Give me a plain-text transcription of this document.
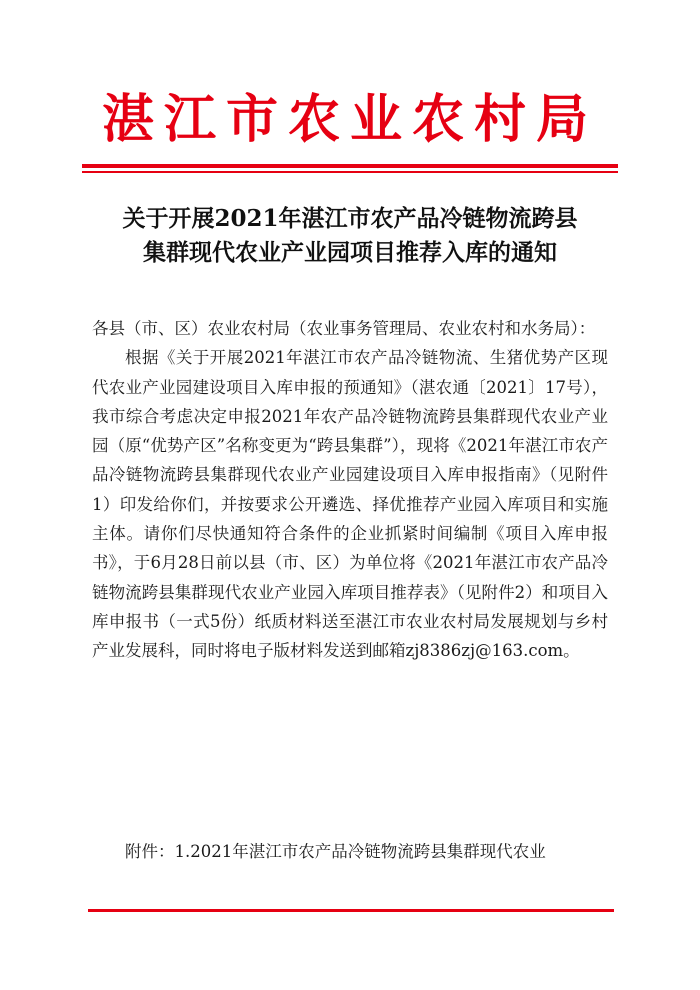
湛江市农业农村局
关于开展2021年湛江市农产品冷链物流跨县
集群现代农业产业园项目推荐入库的通知

各县（市、区）农业农村局（农业事务管理局、农业农村和水务局）：

根据《关于开展2021年湛江市农产品冷链物流、生猪优势产区现代农业产业园建设项目入库申报的预通知》（湛农通〔2021〕17号），我市综合考虑决定申报2021年农产品冷链物流跨县集群现代农业产业园（原“优势产区”名称变更为“跨县集群”），现将《2021年湛江市农产品冷链物流跨县集群现代农业产业园建设项目入库申报指南》（见附件1）印发给你们，并按要求公开遴选、择优推荐产业园入库项目和实施主体。请你们尽快通知符合条件的企业抓紧时间编制《项目入库申报书》，于6月28日前以县（市、区）为单位将《2021年湛江市农产品冷链物流跨县集群现代农业产业园入库项目推荐表》（见附件2）和项目入库申报书（一式5份）纸质材料送至湛江市农业农村局发展规划与乡村产业发展科，同时将电子版材料发送到邮箱zj8386zj@163.com。

附件：1.2021年湛江市农产品冷链物流跨县集群现代农业
